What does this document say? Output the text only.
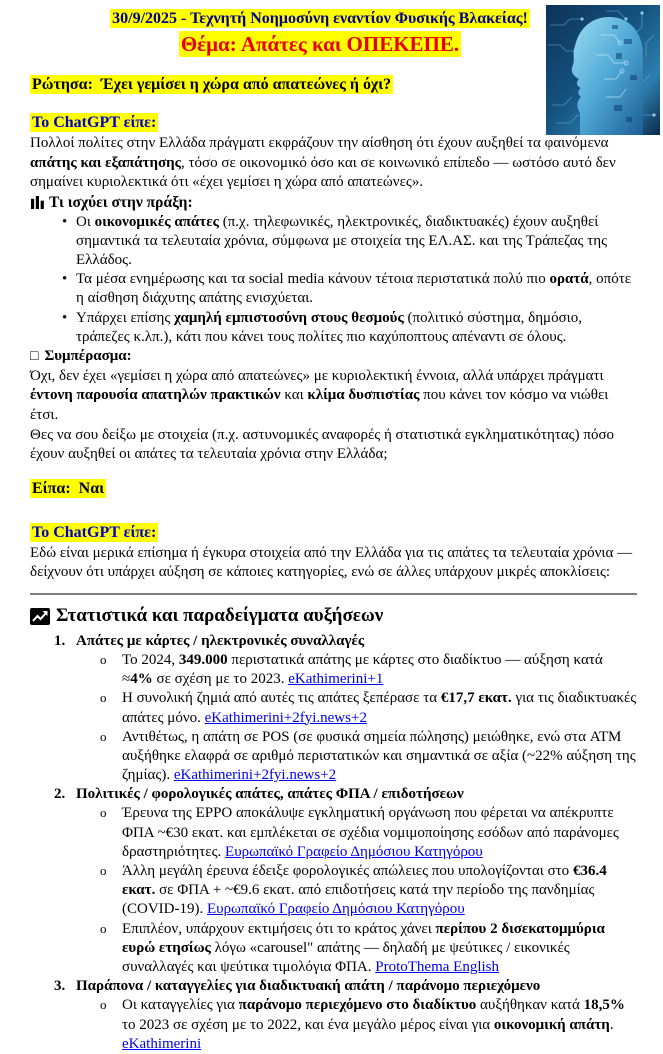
30/9/2025 - Τεχνητή Νοημοσύνη εναντίον Φυσικής Βλακείας!
Θέμα: Απάτες και ΟΠΕΚΕΠΕ.
Ρώτησα:  Έχει γεμίσει η χώρα από απατεώνες ή όχι?
Το ChatGPT είπε:

Πολλοί πολίτες στην Ελλάδα πράγματι εκφράζουν την αίσθηση ότι έχουν αυξηθεί τα φαινόμενα απάτης και εξαπάτησης, τόσο σε οικονομικό όσο και σε κοινωνικό επίπεδο — ωστόσο αυτό δεν σημαίνει κυριολεκτικά ότι «έχει γεμίσει η χώρα από απατεώνες».

Τι ισχύει στην πράξη:
• Οι οικονομικές απάτες (π.χ. τηλεφωνικές, ηλεκτρονικές, διαδικτυακές) έχουν αυξηθεί σημαντικά τα τελευταία χρόνια, σύμφωνα με στοιχεία της ΕΛ.ΑΣ. και της Τράπεζας της Ελλάδος.
• Τα μέσα ενημέρωσης και τα social media κάνουν τέτοια περιστατικά πολύ πιο ορατά, οπότε η αίσθηση διάχυτης απάτης ενισχύεται.
• Υπάρχει επίσης χαμηλή εμπιστοσύνη στους θεσμούς (πολιτικό σύστημα, δημόσιο, τράπεζες κ.λπ.), κάτι που κάνει τους πολίτες πιο καχύποπτους απέναντι σε όλους.
□ Συμπέρασμα:

Όχι, δεν έχει «γεμίσει η χώρα από απατεώνες» με κυριολεκτική έννοια, αλλά υπάρχει πράγματι έντονη παρουσία απατηλών πρακτικών και κλίμα δυσπιστίας που κάνει τον κόσμο να νιώθει έτσι.

Θες να σου δείξω με στοιχεία (π.χ. αστυνομικές αναφορές ή στατιστικά εγκληματικότητας) πόσο έχουν αυξηθεί οι απάτες τα τελευταία χρόνια στην Ελλάδα;

Είπα:  Ναι
Το ChatGPT είπε:

Εδώ είναι μερικά επίσημα ή έγκυρα στοιχεία από την Ελλάδα για τις απάτες τα τελευταία χρόνια — δείχνουν ότι υπάρχει αύξηση σε κάποιες κατηγορίες, ενώ σε άλλες υπάρχουν μικρές αποκλίσεις:

Στατιστικά και παραδείγματα αυξήσεων
1. Απάτες με κάρτες / ηλεκτρονικές συναλλαγές
o	Το 2024, 349.000 περιστατικά απάτης με κάρτες στο διαδίκτυο — αύξηση κατά ≈4% σε σχέση με το 2023. eKathimerini+1
o	Η συνολική ζημιά από αυτές τις απάτες ξεπέρασε τα €17,7 εκατ. για τις διαδικτυακές απάτες μόνο. eKathimerini+2fyi.news+2
o	Αντιθέτως, η απάτη σε POS (σε φυσικά σημεία πώλησης) μειώθηκε, ενώ στα ATM αυξήθηκε ελαφρά σε αριθμό περιστατικών και σημαντικά σε αξία (~22% αύξηση της ζημίας). eKathimerini+2fyi.news+2
2. Πολιτικές / φορολογικές απάτες, απάτες ΦΠΑ / επιδοτήσεων
o	Έρευνα της EPPO αποκάλυψε εγκληματική οργάνωση που φέρεται να απέκρυπτε ΦΠΑ ~€30 εκατ. και εμπλέκεται σε σχέδια νομιμοποίησης εσόδων από παράνομες δραστηριότητες. Ευρωπαϊκό Γραφείο Δημόσιου Κατηγόρου
o	Άλλη μεγάλη έρευνα έδειξε φορολογικές απώλειες που υπολογίζονται στο €36.4 εκατ. σε ΦΠΑ + ~€9.6 εκατ. από επιδοτήσεις κατά την περίοδο της πανδημίας (COVID-19). Ευρωπαϊκό Γραφείο Δημόσιου Κατηγόρου
o	Επιπλέον, υπάρχουν εκτιμήσεις ότι το κράτος χάνει περίπου 2 δισεκατομμύρια ευρώ ετησίως λόγω «carousel" απάτης — δηλαδή με ψεύτικες / εικονικές συναλλαγές και ψεύτικα τιμολόγια ΦΠΑ. ProtoThema English
3. Παράπονα / καταγγελίες για διαδικτυακή απάτη / παράνομο περιεχόμενο
o	Οι καταγγελίες για παράνομο περιεχόμενο στο διαδίκτυο αυξήθηκαν κατά 18,5% το 2023 σε σχέση με το 2022, και ένα μεγάλο μέρος είναι για οικονομική απάτη. eKathimerini
